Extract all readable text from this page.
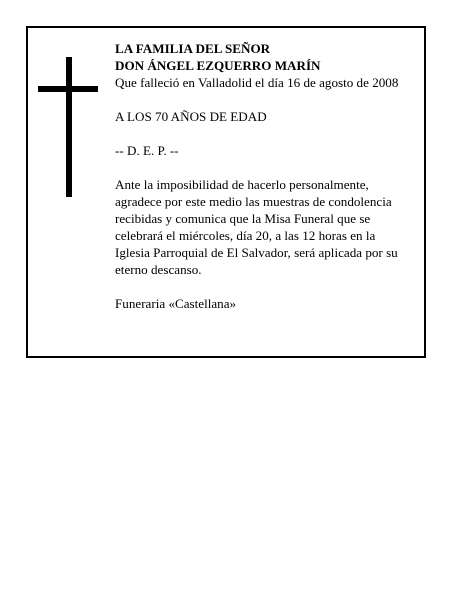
LA FAMILIA DEL SEÑOR
DON ÁNGEL EZQUERRO MARÍN
Que falleció en Valladolid el día 16 de agosto de 2008
A LOS 70 AÑOS DE EDAD
-- D. E. P. --
Ante la imposibilidad de hacerlo personalmente,
agradece por este medio las muestras de condolencia
recibidas y comunica que la Misa Funeral que se
celebrará el miércoles, día 20, a las 12 horas en la
Iglesia Parroquial de El Salvador, será aplicada por su
eterno descanso.
Funeraria «Castellana»
